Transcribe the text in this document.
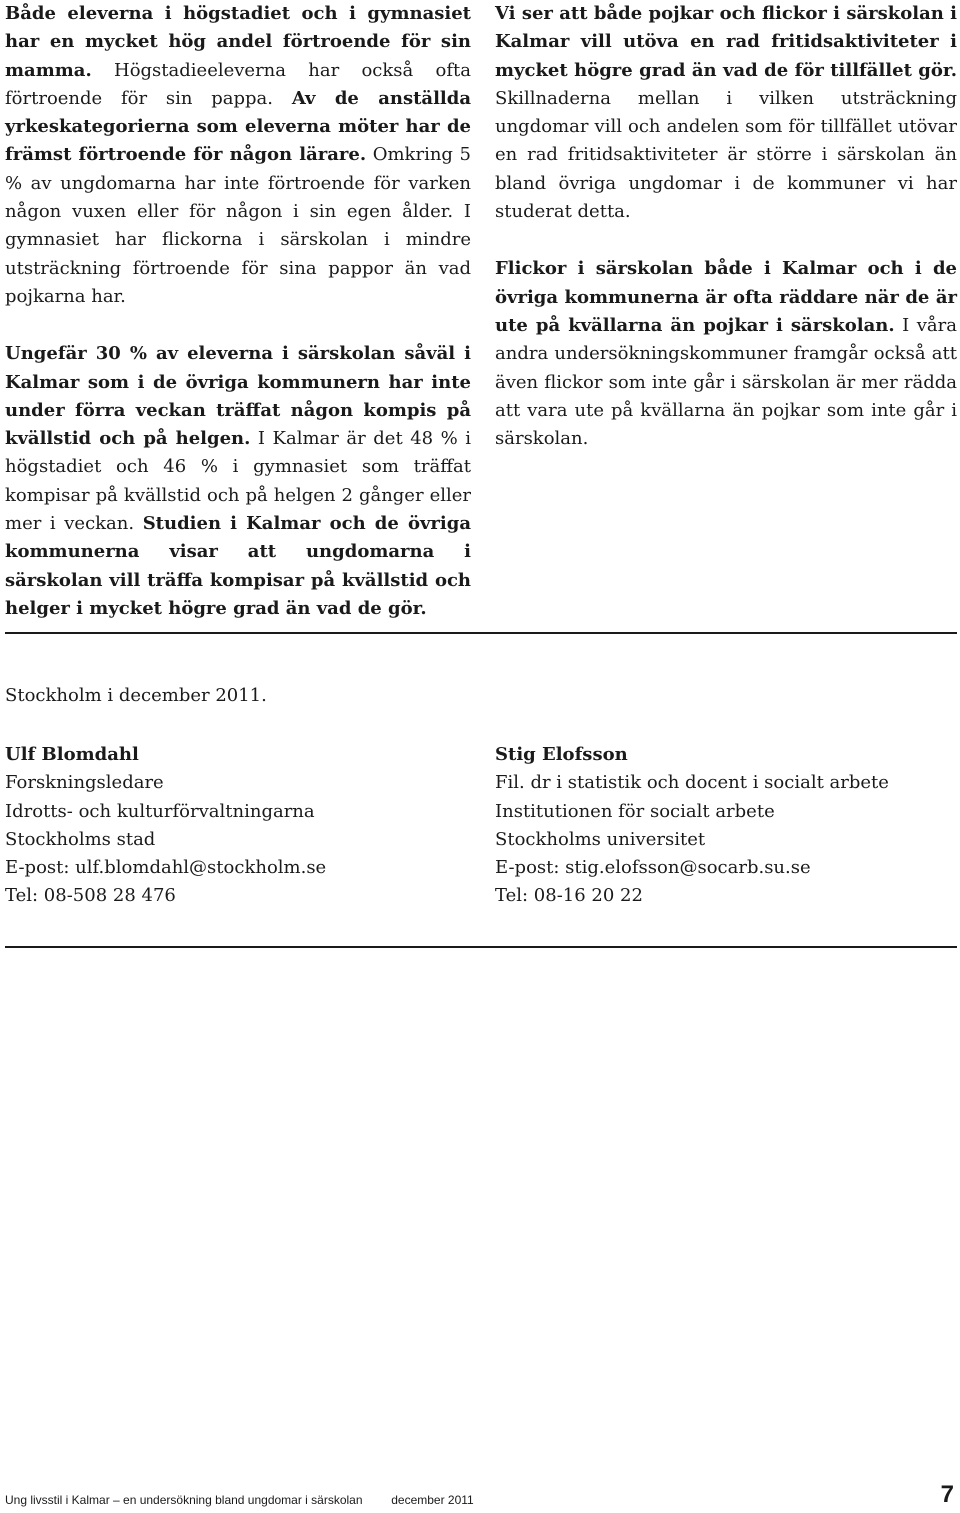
Både eleverna i högstadiet och i gymnasiet har en mycket hög andel förtroende för sin mamma. Högstadieeleverna har också ofta förtroende för sin pappa. Av de anställda yrkeskategorierna som eleverna möter har de främst förtroende för någon lärare. Omkring 5 % av ungdomarna har inte förtroende för varken någon vuxen eller för någon i sin egen ålder. I gymnasiet har flickorna i särskolan i mindre utsträckning förtroende för sina pappor än vad pojkarna har.

Ungefär 30 % av eleverna i särskolan såväl i Kalmar som i de övriga kommunern har inte under förra veckan träffat någon kompis på kvällstid och på helgen. I Kalmar är det 48 % i högstadiet och 46 % i gymnasiet som träffat kompisar på kvällstid och på helgen 2 gånger eller mer i veckan. Studien i Kalmar och de övriga kommunerna visar att ungdomarna i särskolan vill träffa kompisar på kvällstid och helger i mycket högre grad än vad de gör.

Vi ser att både pojkar och flickor i särskolan i Kalmar vill utöva en rad fritidsaktiviteter i mycket högre grad än vad de för tillfället gör. Skillnaderna mellan i vilken utsträckning ungdomar vill och andelen som för tillfället utövar en rad fritidsaktiviteter är större i särskolan än bland övriga ungdomar i de kommuner vi har studerat detta.

Flickor i särskolan både i Kalmar och i de övriga kommunerna är ofta räddare när de är ute på kvällarna än pojkar i särskolan. I våra andra undersökningskommuner framgår också att även flickor som inte går i särskolan är mer rädda att vara ute på kvällarna än pojkar som inte går i särskolan.

Stockholm i december 2011.
Ulf Blomdahl
Forskningsledare
Idrotts- och kulturförvaltningarna
Stockholms stad
E-post: ulf.blomdahl@stockholm.se
Tel: 08-508 28 476
Stig Elofsson
Fil. dr i statistik och docent i socialt arbete
Institutionen för socialt arbete
Stockholms universitet
E-post: stig.elofsson@socarb.su.se
Tel: 08-16 20 22
Ung livsstil i Kalmar – en undersökning bland ungdomar i särskolan december 2011	7
